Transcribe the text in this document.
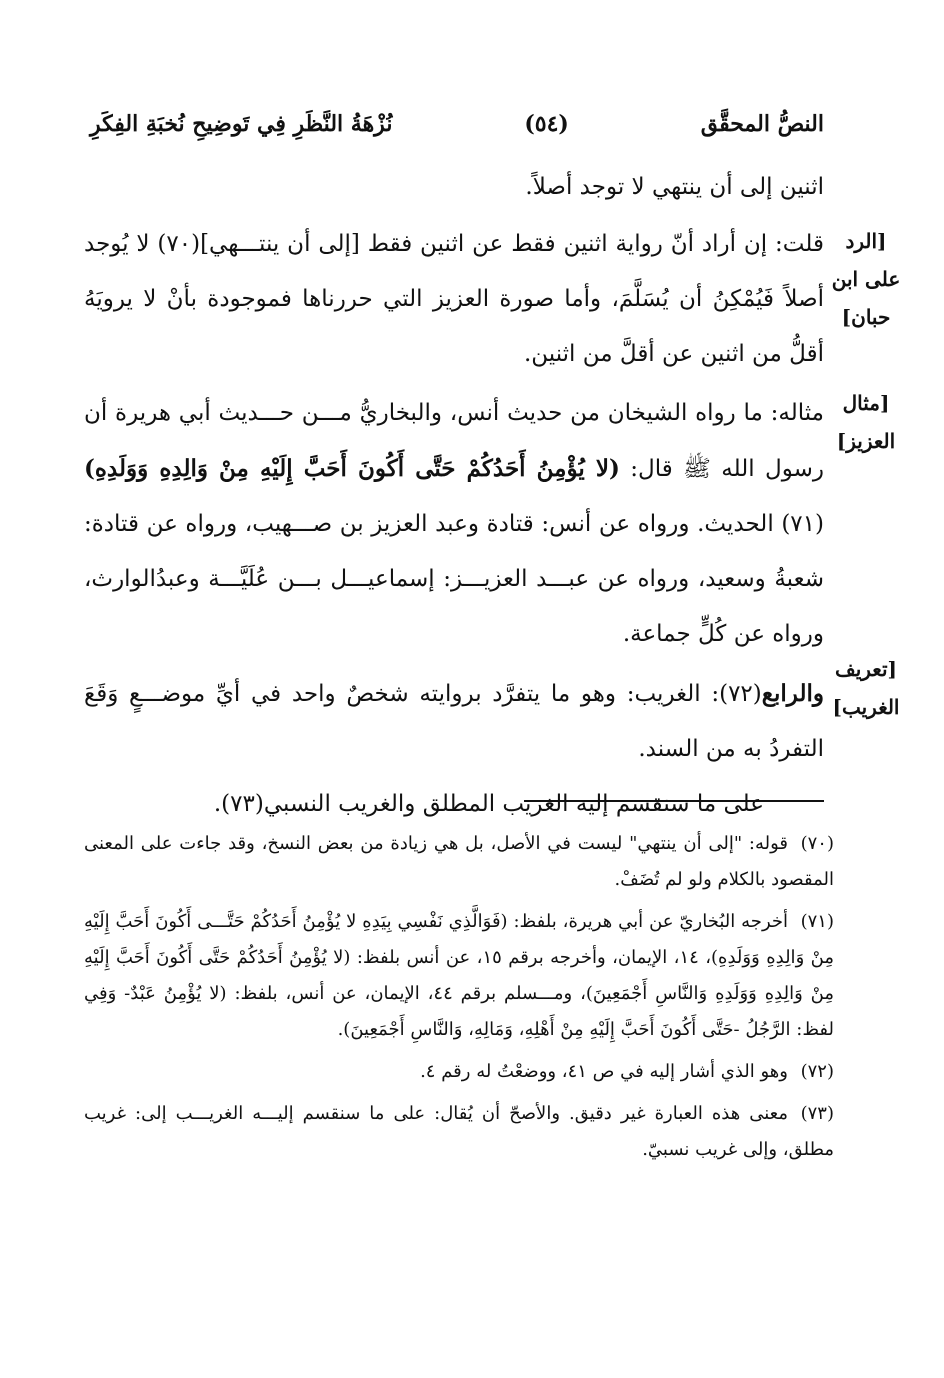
النصُّ المحقَّق
(٥٤)
نُزْهَةُ النَّظَرِ فِي تَوضِيحِ نُخبَةِ الفِكَرِ
[الرد على ابن حبان]
[مثال العزيز]
[تعريف الغريب]

اثنين إلى أن ينتهي لا توجد أصلاً.

قلت: إن أراد أنّ رواية اثنين فقط عن اثنين فقط [إلى أن ينتـــهي](٧٠) لا يُوجد أصلاً فَيُمْكِنُ أن يُسَلَّمَ، وأما صورة العزيز التي حررناها فموجودة بأنْ لا يرويَهُ أقلُّ من اثنين عن أقلَّ من اثنين.

مثاله: ما رواه الشيخان من حديث أنس، والبخاريُّ مـــن حـــديث أبي هريرة أن رسول الله ﷺ قال: (لا يُؤْمِنُ أَحَدُكُمْ حَتَّى أَكُونَ أَحَبَّ إِلَيْهِ مِنْ وَالِدِهِ وَوَلَدِهِ)(٧١) الحديث. ورواه عن أنس: قتادة وعبد العزيز بن صـــهيب، ورواه عن قتادة: شعبةُ وسعيد، ورواه عن عبـــد العزيـــز: إسماعيـــل بـــن عُلَيَّـــة وعبدُالوارث، ورواه عن كُلٍّ جماعة.

والرابع(٧٢): الغريب: وهو ما يتفرَّد بروايته شخصٌ واحد في أيِّ موضـــعٍ وَقَعَ التفردُ به من السند.

على ما سنقسم إليه الغريب المطلق والغريب النسبي(٧٣).

(٧٠)قوله: "إلى أن ينتهي" ليست في الأصل، بل هي زيادة من بعض النسخ، وقد جاءت على المعنى المقصود بالكلام ولو لم تُضَفْ.

(٧١)أخرجه البُخاريّ عن أبي هريرة، بلفظ: (فَوَالَّذِي نَفْسِي بِيَدِهِ لا يُؤْمِنُ أَحَدُكُمْ حَتَّـــى أَكُونَ أَحَبَّ إِلَيْهِ مِنْ وَالِدِهِ وَوَلَدِهِ)، ١٤، الإيمان، وأخرجه برقم ١٥، عن أنس بلفظ: (لا يُؤْمِنُ أَحَدُكُمْ حَتَّى أَكُونَ أَحَبَّ إِلَيْهِ مِنْ وَالِدِهِ وَوَلَدِهِ وَالنَّاسِ أَجْمَعِينَ)، ومـــسلم برقم ٤٤، الإيمان، عن أنس، بلفظ: (لا يُؤْمِنُ عَبْدٌ- وَفِي لفظ: الرَّجُلُ -حَتَّى أَكُونَ أَحَبَّ إِلَيْهِ مِنْ أَهْلِهِ، وَمَالِهِ، وَالنَّاسِ أَجْمَعِينَ).

(٧٢)وهو الذي أشار إليه في ص ٤١، ووضعْتُ له رقم ٤.

(٧٣)معنى هذه العبارة غير دقيق. والأصحّ أن يُقال: على ما سنقسم إليـــه الغريـــب إلى: غريب مطلق، وإلى غريب نسبيّ.
